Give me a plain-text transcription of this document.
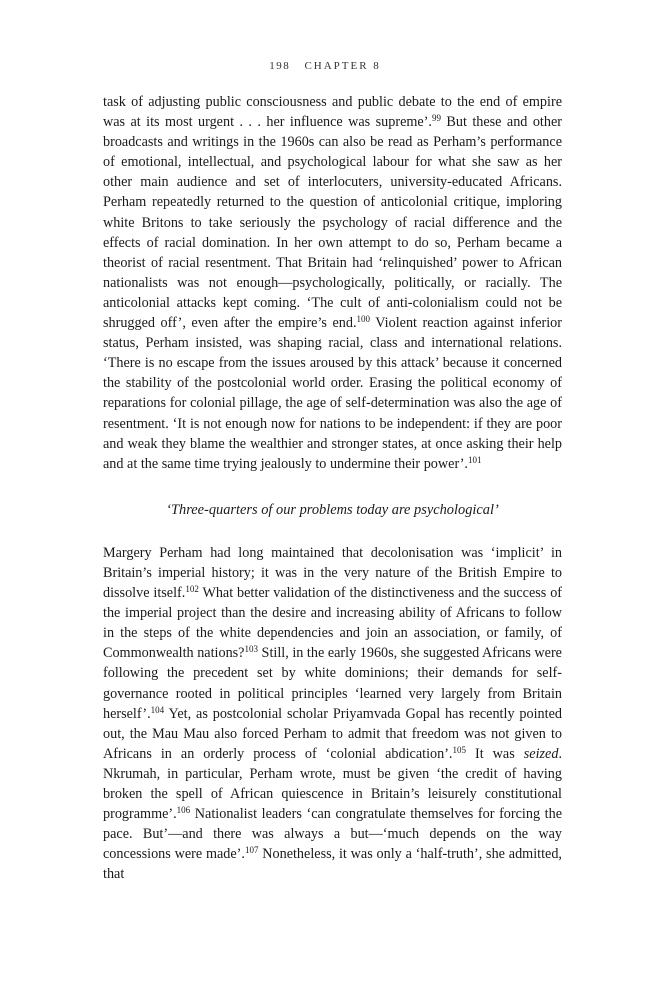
198 CHAPTER 8

task of adjusting public consciousness and public debate to the end of empire was at its most urgent . . . her influence was supreme’.$^{99}$ But these and other broadcasts and writings in the 1960s can also be read as Perham’s performance of emotional, intellectual, and psychological labour for what she saw as her other main audience and set of interlocuters, university-educated Africans. Perham repeatedly returned to the question of anticolonial critique, imploring white Britons to take seriously the psychology of racial difference and the effects of racial domination. In her own attempt to do so, Perham became a theorist of racial resentment. That Britain had ‘relinquished’ power to African nationalists was not enough—psychologically, politically, or racially. The anticolonial attacks kept coming. ‘The cult of anti-colonialism could not be shrugged off’, even after the empire’s end.$^{100}$ Violent reaction against inferior status, Perham insisted, was shaping racial, class and international relations. ‘There is no escape from the issues aroused by this attack’ because it concerned the stability of the postcolonial world order. Erasing the political economy of reparations for colonial pillage, the age of self-determination was also the age of resentment. ‘It is not enough now for nations to be independent: if they are poor and weak they blame the wealthier and stronger states, at once asking their help and at the same time trying jealously to undermine their power’.$^{101}$

‘Three-quarters of our problems today are psychological’

Margery Perham had long maintained that decolonisation was ‘implicit’ in Britain’s imperial history; it was in the very nature of the British Empire to dissolve itself.$^{102}$ What better validation of the distinctiveness and the success of the imperial project than the desire and increasing ability of Africans to follow in the steps of the white dependencies and join an association, or family, of Commonwealth nations?$^{103}$ Still, in the early 1960s, she suggested Africans were following the precedent set by white dominions; their demands for self-governance rooted in political principles ‘learned very largely from Britain herself’.$^{104}$ Yet, as postcolonial scholar Priyamvada Gopal has recently pointed out, the Mau Mau also forced Perham to admit that freedom was not given to Africans in an orderly process of ‘colonial abdication’.$^{105}$ It was seized. Nkrumah, in particular, Perham wrote, must be given ‘the credit of having broken the spell of African quiescence in Britain’s leisurely constitutional programme’.$^{106}$ Nationalist leaders ‘can congratulate themselves for forcing the pace. But’—and there was always a but—‘much depends on the way concessions were made’.$^{107}$ Nonetheless, it was only a ‘half-truth’, she admitted, that
